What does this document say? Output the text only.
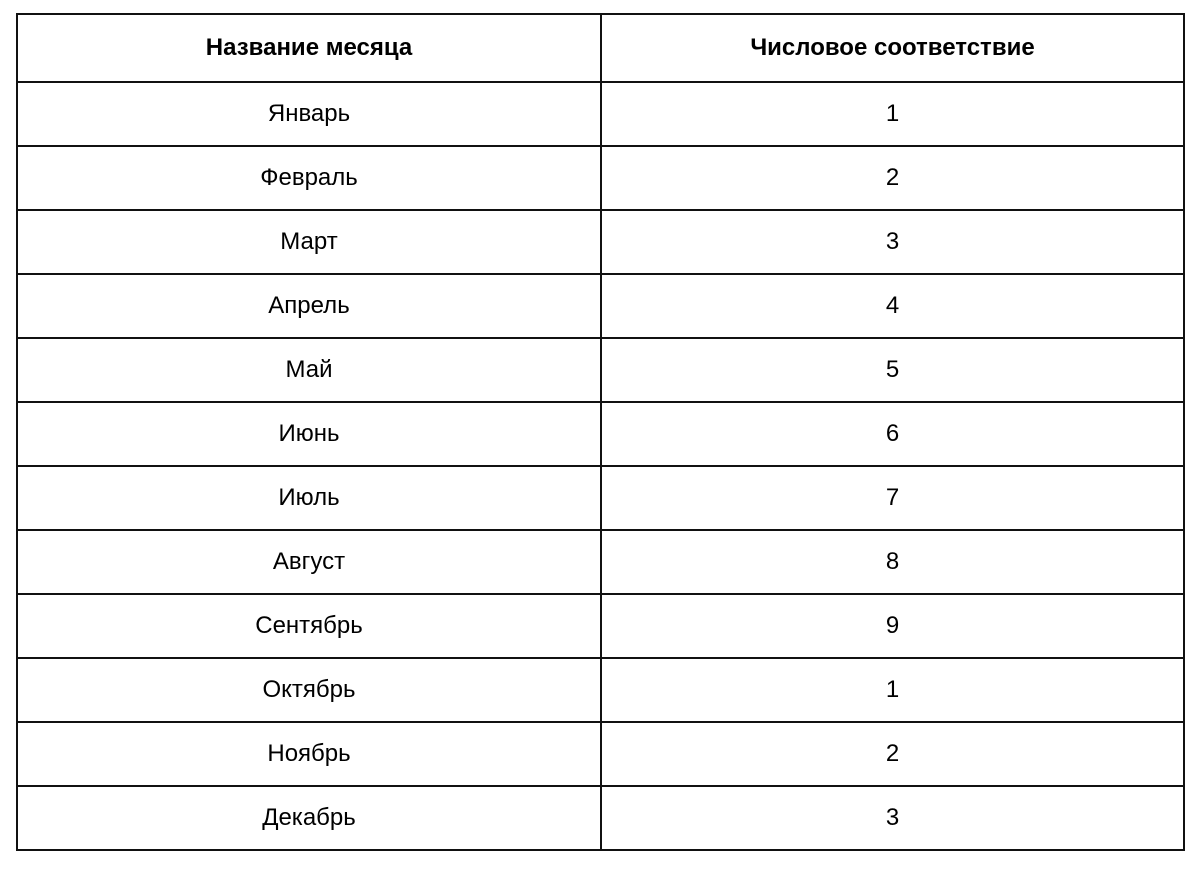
Название месяца	Числовое соответствие
Январь	1
Февраль	2
Март	3
Апрель	4
Май	5
Июнь	6
Июль	7
Август	8
Сентябрь	9
Октябрь	1
Ноябрь	2
Декабрь	3
